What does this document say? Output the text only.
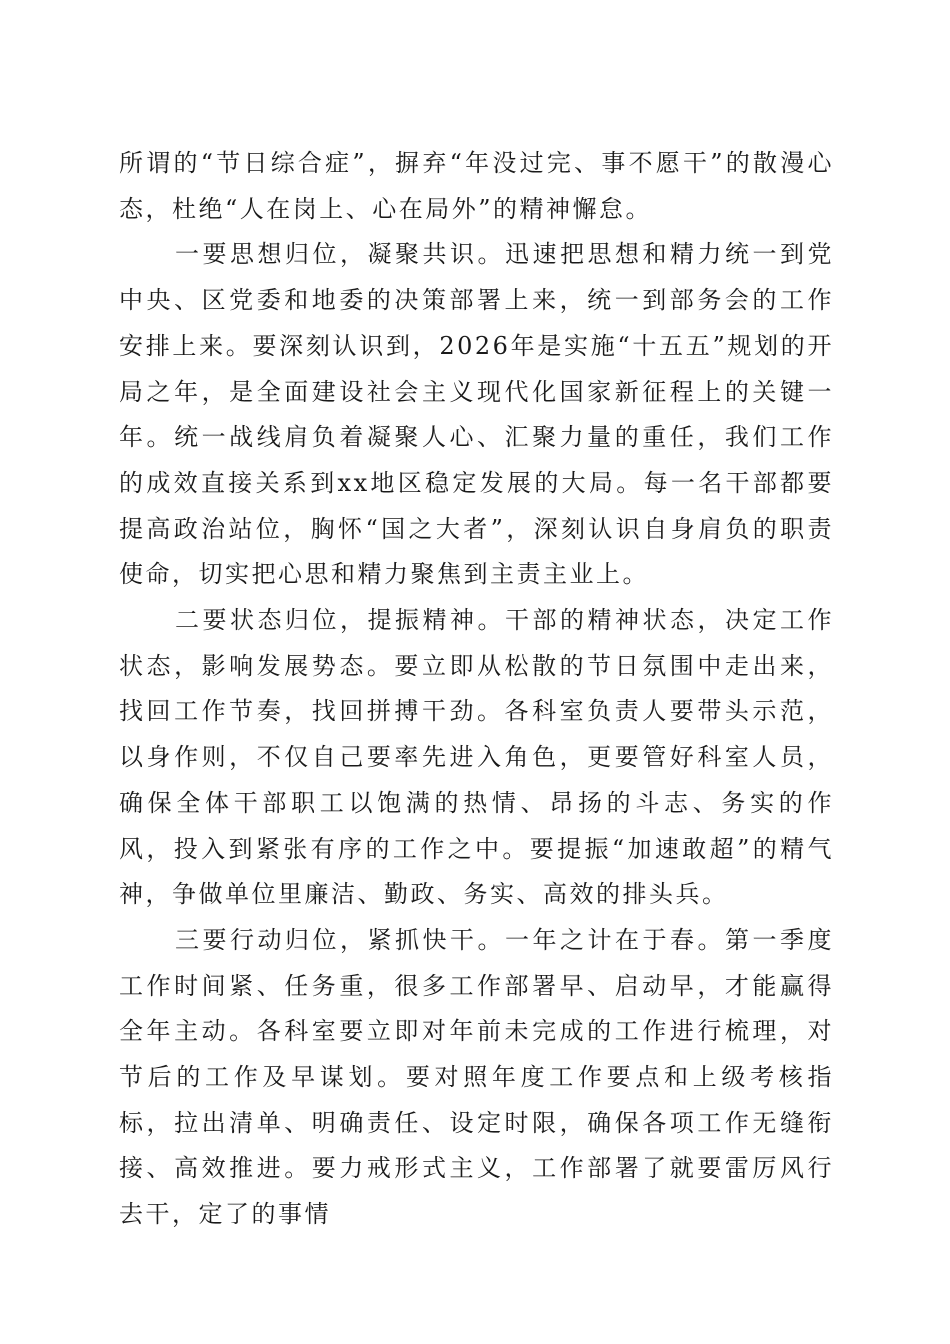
所谓的“节日综合症”，摒弃“年没过完、事不愿干”的散漫心态，杜绝“人在岗上、心在局外”的精神懈怠。

一要思想归位，凝聚共识。迅速把思想和精力统一到党中央、区党委和地委的决策部署上来，统一到部务会的工作安排上来。要深刻认识到，2026年是实施“十五五”规划的开局之年，是全面建设社会主义现代化国家新征程上的关键一年。统一战线肩负着凝聚人心、汇聚力量的重任，我们工作的成效直接关系到xx地区稳定发展的大局。每一名干部都要提高政治站位，胸怀“国之大者”，深刻认识自身肩负的职责使命，切实把心思和精力聚焦到主责主业上。

二要状态归位，提振精神。干部的精神状态，决定工作状态，影响发展势态。要立即从松散的节日氛围中走出来，找回工作节奏，找回拼搏干劲。各科室负责人要带头示范，以身作则，不仅自己要率先进入角色，更要管好科室人员，确保全体干部职工以饱满的热情、昂扬的斗志、务实的作风，投入到紧张有序的工作之中。要提振“加速敢超”的精气神，争做单位里廉洁、勤政、务实、高效的排头兵。

三要行动归位，紧抓快干。一年之计在于春。第一季度工作时间紧、任务重，很多工作部署早、启动早，才能赢得全年主动。各科室要立即对年前未完成的工作进行梳理，对节后的工作及早谋划。要对照年度工作要点和上级考核指标，拉出清单、明确责任、设定时限，确保各项工作无缝衔接、高效推进。要力戒形式主义，工作部署了就要雷厉风行去干，定了的事情
